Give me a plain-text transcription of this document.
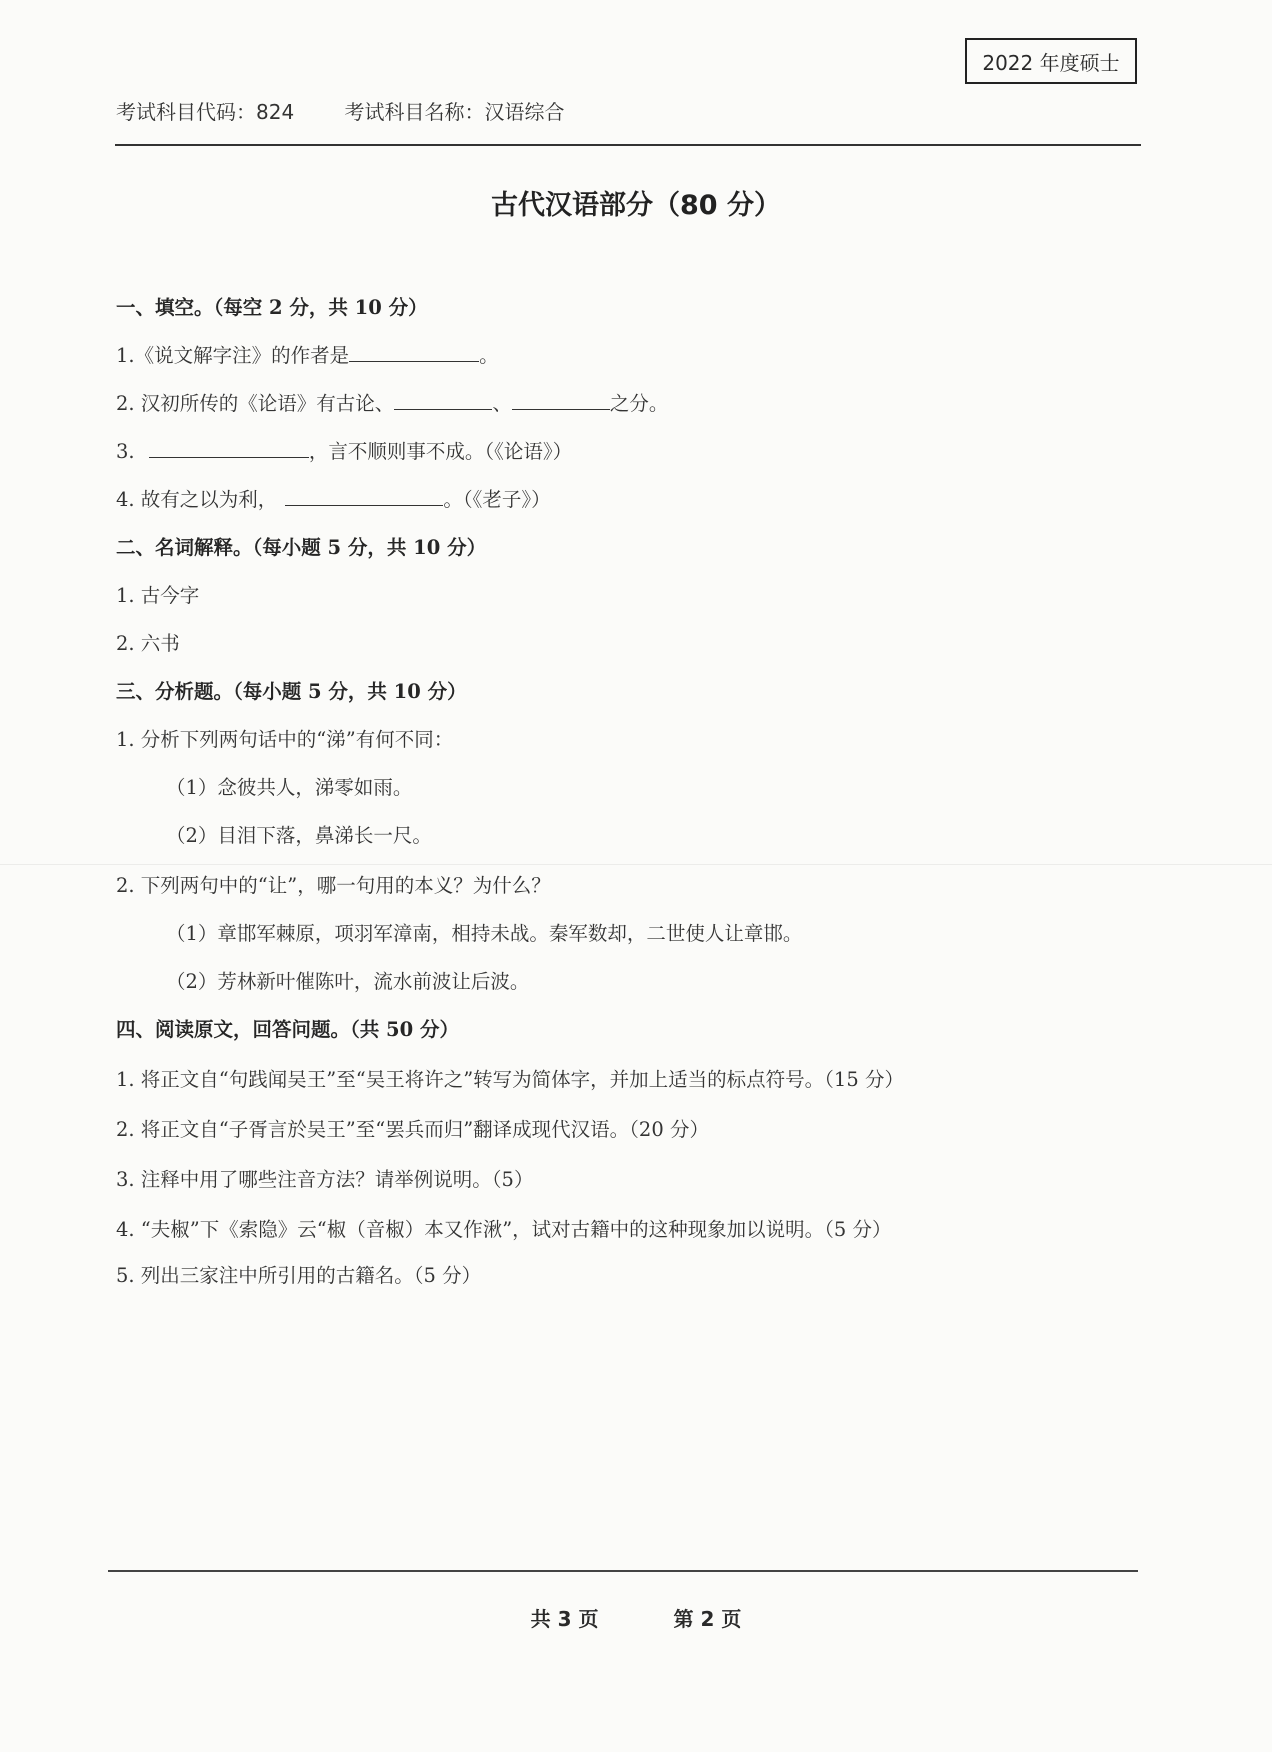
2022 年度硕士
考试科目代码：824	考试科目名称：汉语综合
古代汉语部分（80 分）
一、填空。（每空 2 分，共 10 分）
1.《说文解字注》的作者是	。
2. 汉初所传的《论语》有古论、	、	之分。
3.	，言不顺则事不成。（《论语》）
4. 故有之以为利，	。（《老子》）
二、名词解释。（每小题 5 分，共 10 分）
1. 古今字
2. 六书
三、分析题。（每小题 5 分，共 10 分）
1. 分析下列两句话中的“涕”有何不同：
（1）念彼共人，涕零如雨。
（2）目泪下落，鼻涕长一尺。
2. 下列两句中的“让”，哪一句用的本义？为什么？
（1）章邯军棘原，项羽军漳南，相持未战。秦军数却，二世使人让章邯。
（2）芳林新叶催陈叶，流水前波让后波。
四、阅读原文，回答问题。（共 50 分）
1. 将正文自“句践闻吴王”至“吴王将许之”转写为简体字，并加上适当的标点符号。（15 分）
2. 将正文自“子胥言於吴王”至“罢兵而归”翻译成现代汉语。（20 分）
3. 注释中用了哪些注音方法？请举例说明。（5）
4. “夫椒”下《索隐》云“椒（音椒）本又作湫”，试对古籍中的这种现象加以说明。（5 分）
5. 列出三家注中所引用的古籍名。（5 分）
共 3 页	第 2 页
